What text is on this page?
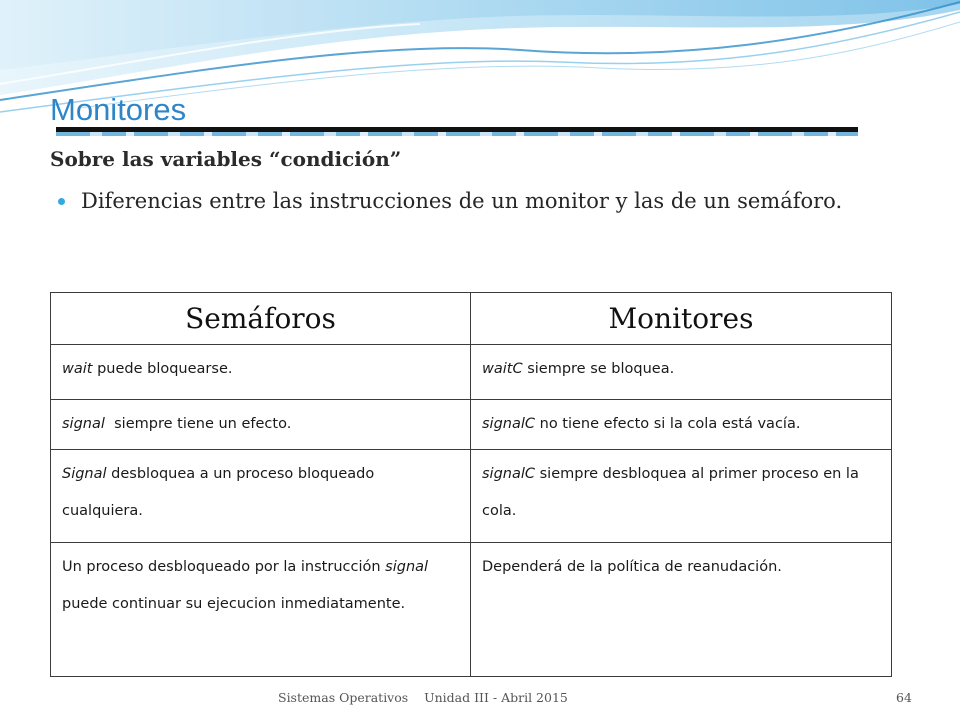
Monitores

Sobre las variables “condición”

Diferencias entre las instrucciones de un monitor y las de un semáforo.
Semáforos	Monitores
wait puede bloquearse.	waitC siempre se bloquea.
signal  siempre tiene un efecto.	signalC no tiene efecto si la cola está vacía.
Signal desbloquea a un proceso bloqueado cualquiera.	signalC siempre desbloquea al primer proceso en la cola.
Un proceso desbloqueado por la instrucción signal puede continuar su ejecucion inmediatamente.	Dependerá de la política de reanudación.
Sistemas Operativos    Unidad III - Abril 2015	64
